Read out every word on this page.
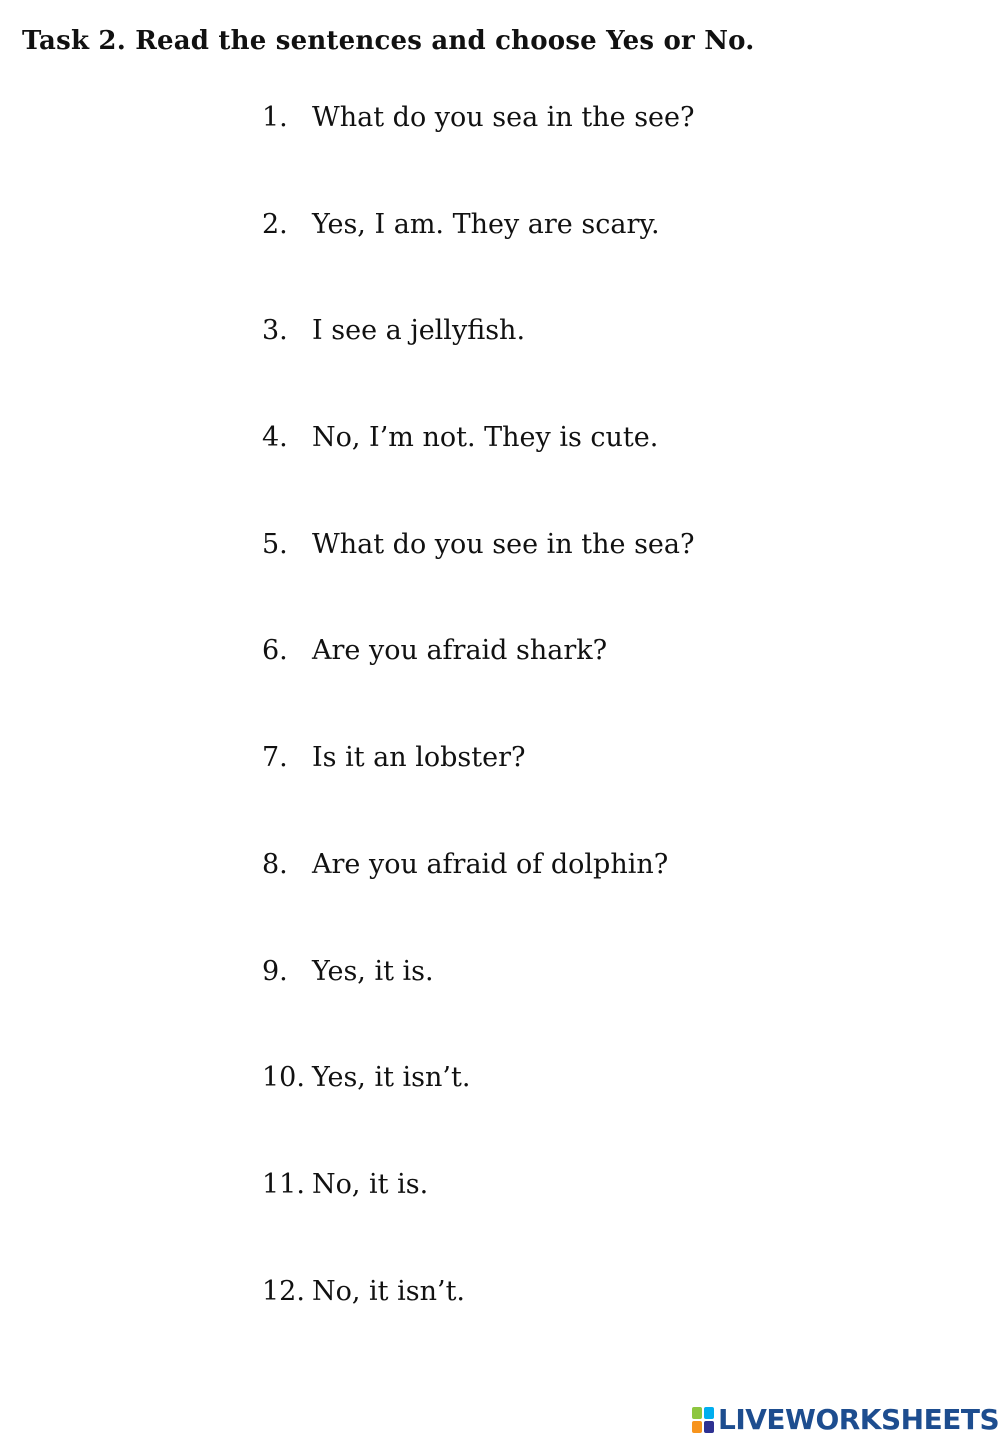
Task 2. Read the sentences and choose Yes or No.
1. What do you sea in the see?
2. Yes, I am. They are scary.
3. I see a jellyfish.
4. No, I’m not. They is cute.
5. What do you see in the sea?
6. Are you afraid shark?
7. Is it an lobster?
8. Are you afraid of dolphin?
9. Yes, it is.
10. Yes, it isn’t.
11. No, it is.
12. No, it isn’t.
LIVEWORKSHEETS
